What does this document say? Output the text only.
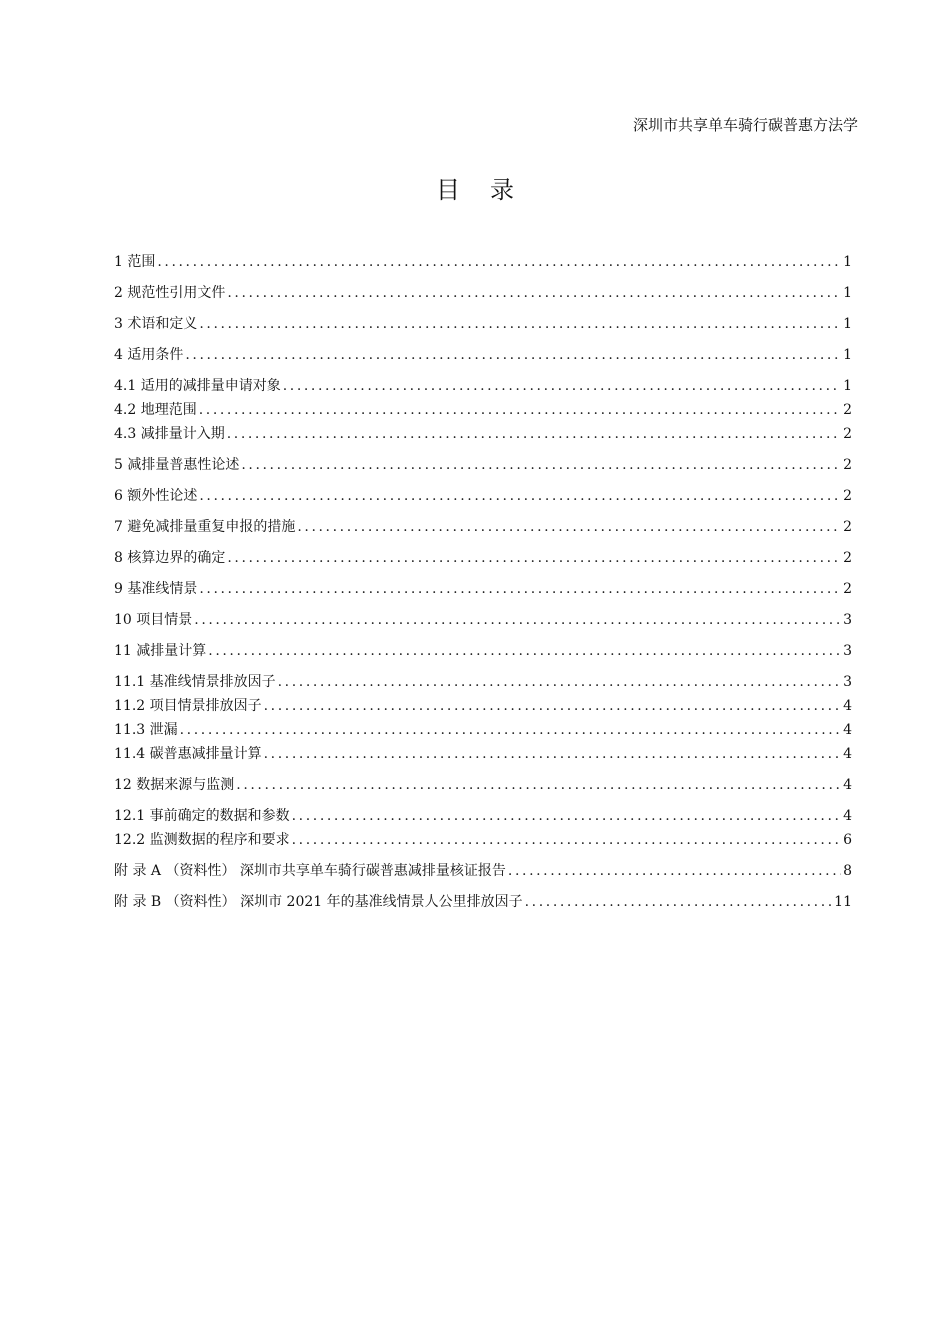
深圳市共享单车骑行碳普惠方法学
目录
1 范围 .....	1
2 规范性引用文件 .....	1
3 术语和定义 .....	1
4 适用条件 .....	1
4.1 适用的减排量申请对象 .....	1
4.2 地理范围 .....	2
4.3 减排量计入期 .....	2
5 减排量普惠性论述 .....	2
6 额外性论述 .....	2
7 避免减排量重复申报的措施 .....	2
8 核算边界的确定 .....	2
9 基准线情景 .....	2
10 项目情景 .....	3
11 减排量计算 .....	3
11.1 基准线情景排放因子 .....	3
11.2 项目情景排放因子 .....	4
11.3 泄漏 .....	4
11.4 碳普惠减排量计算 .....	4
12 数据来源与监测 .....	4
12.1 事前确定的数据和参数 .....	4
12.2 监测数据的程序和要求 .....	6
附 录 A （资料性） 深圳市共享单车骑行碳普惠减排量核证报告 .....	8
附 录 B （资料性） 深圳市 2021 年的基准线情景人公里排放因子 .....	11
